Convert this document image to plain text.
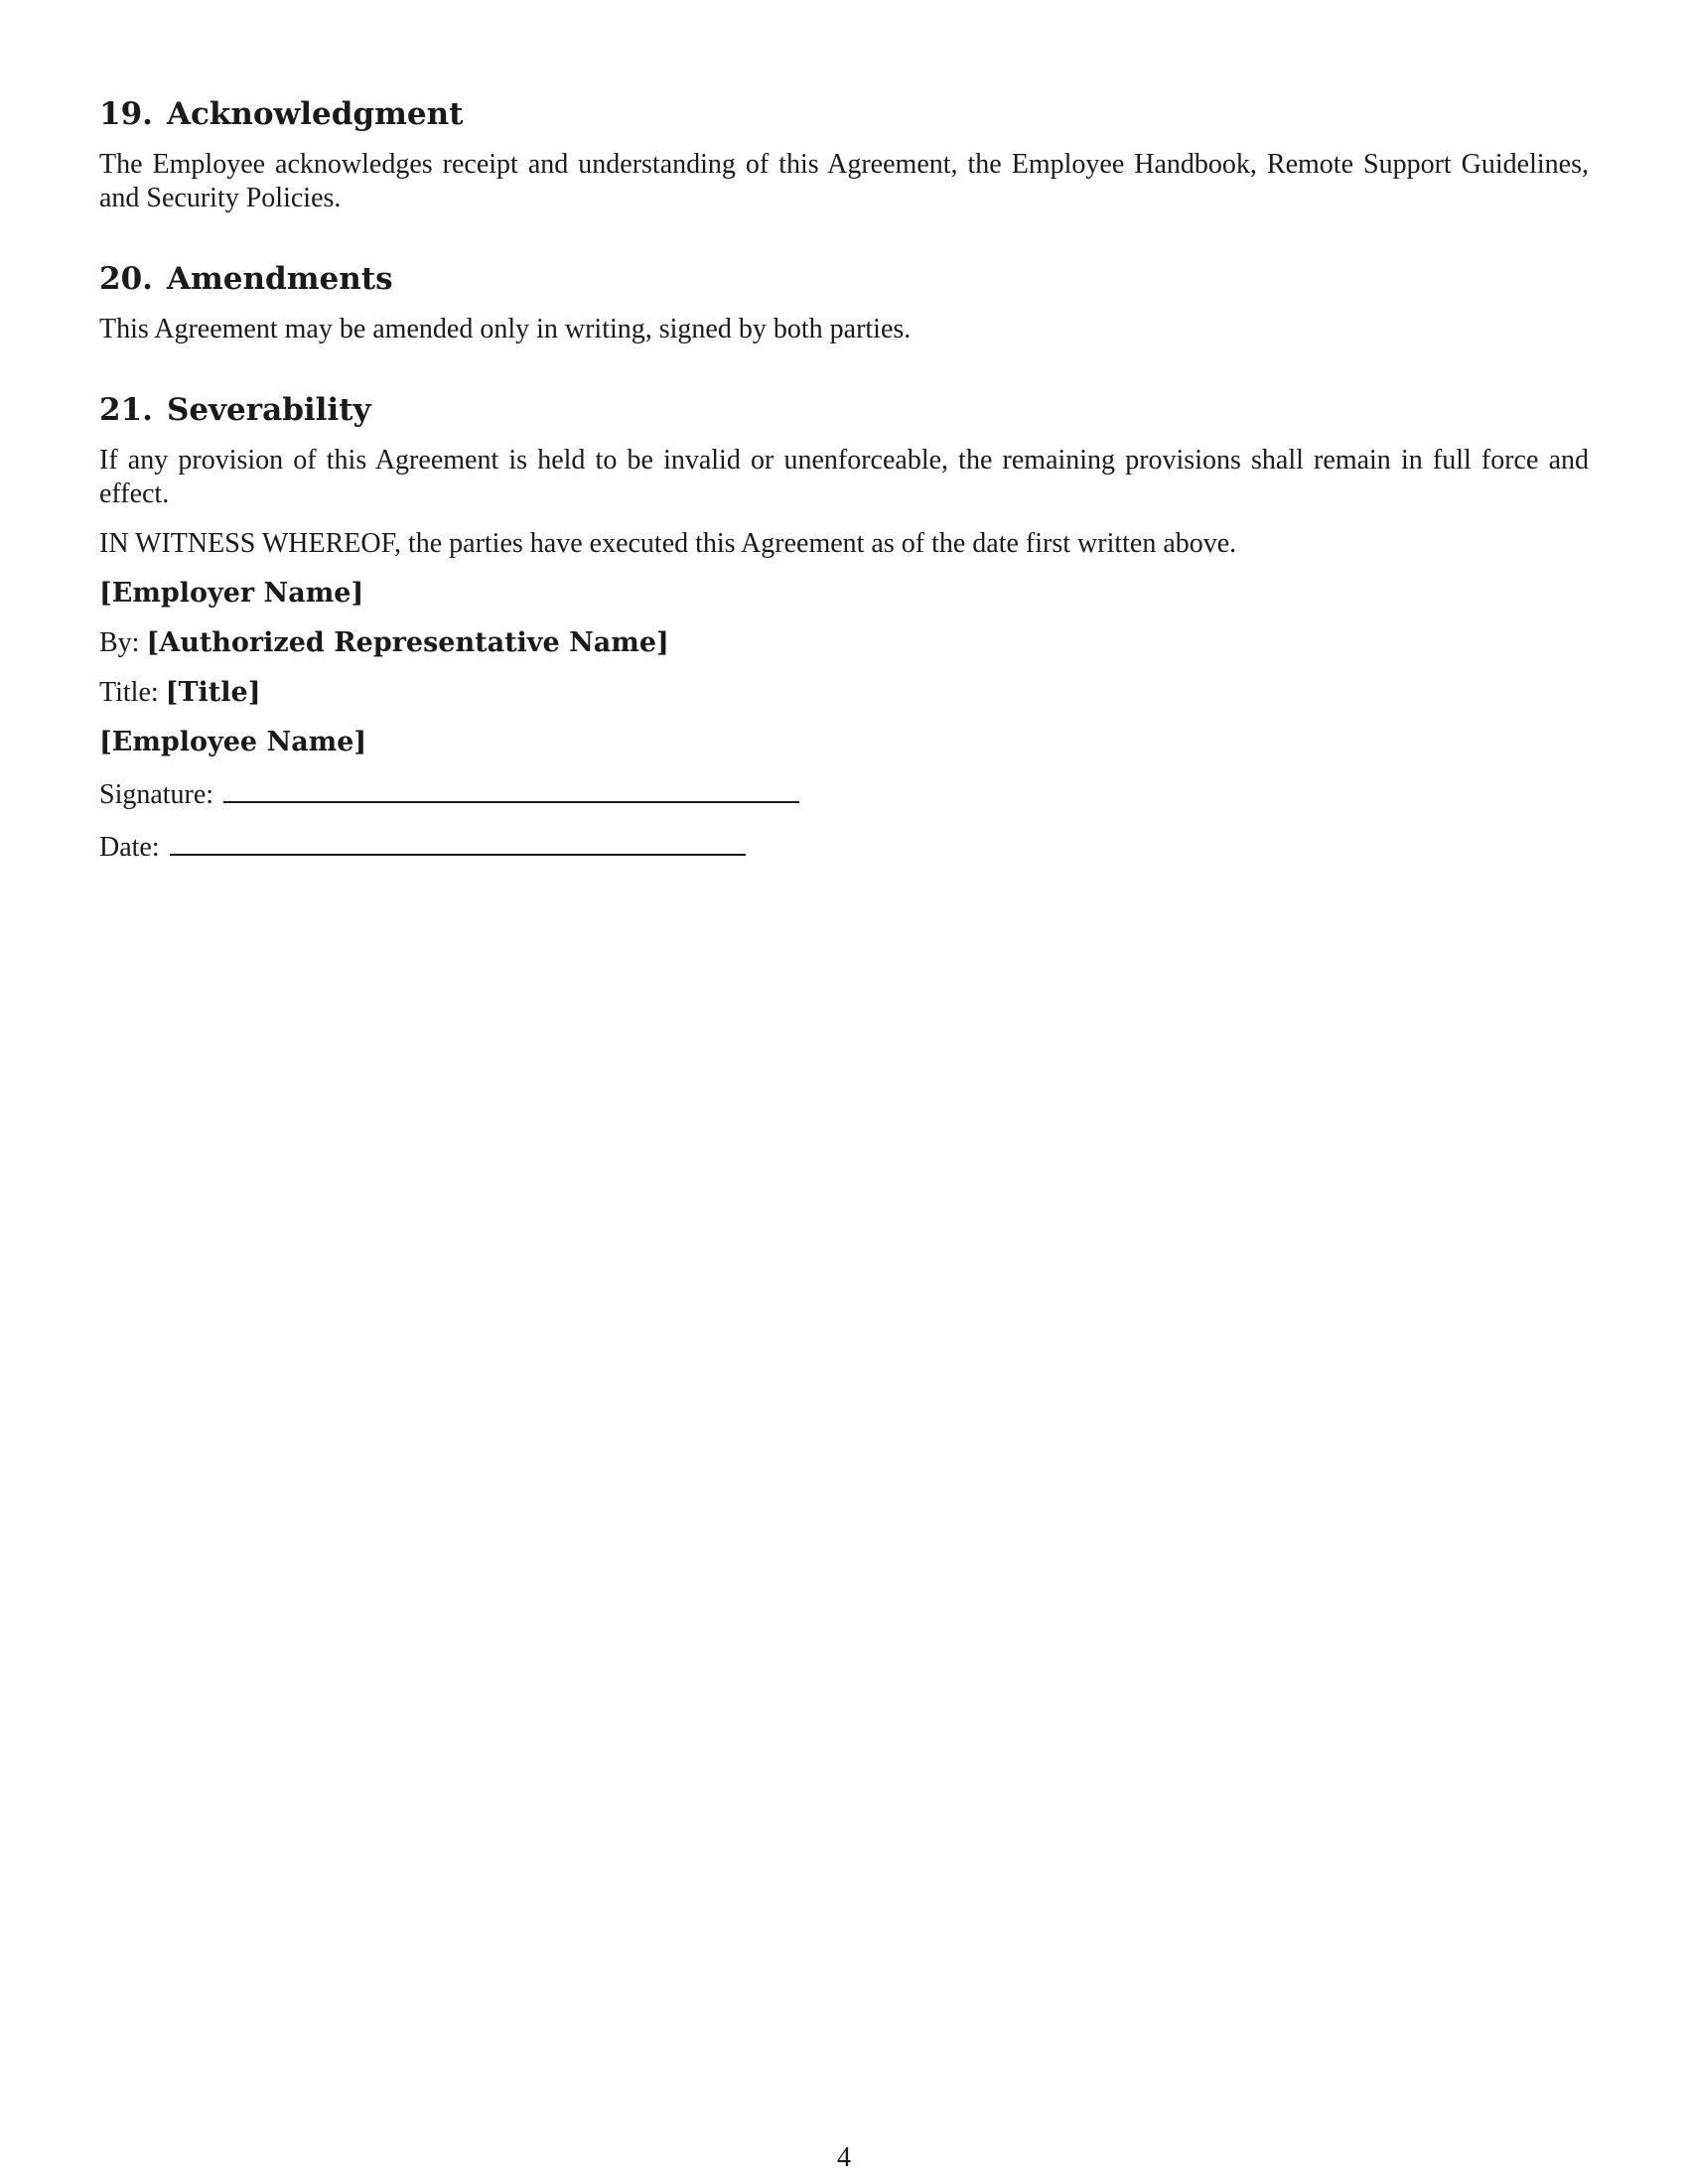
19. Acknowledgment

The Employee acknowledges receipt and understanding of this Agreement, the Employee Handbook, Remote Support Guidelines, and Security Policies.

20. Amendments

This Agreement may be amended only in writing, signed by both parties.

21. Severability

If any provision of this Agreement is held to be invalid or unenforceable, the remaining provisions shall remain in full force and effect.

IN WITNESS WHEREOF, the parties have executed this Agreement as of the date first written above.

[Employer Name]

By: [Authorized Representative Name]

Title: [Title]

[Employee Name]

Signature:

Date:

4
